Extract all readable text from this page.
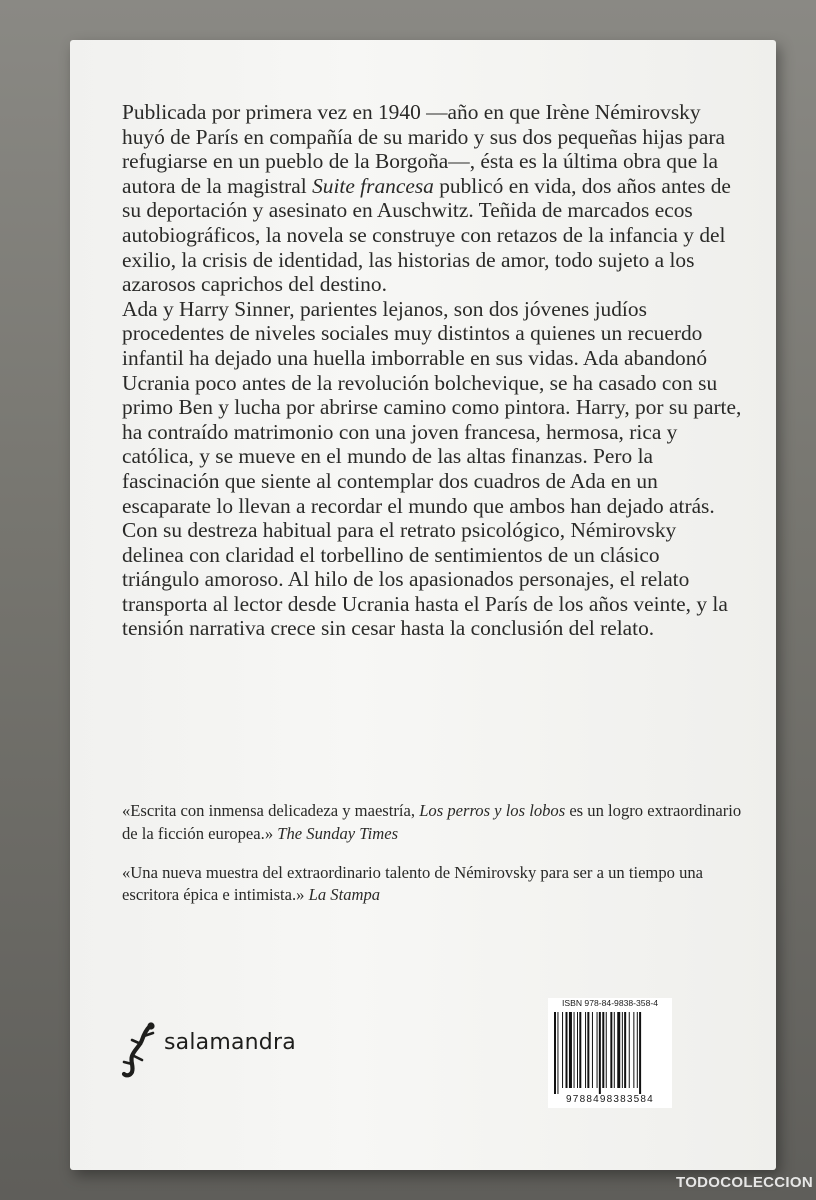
Publicada por primera vez en 1940 —año en que Irène Némirovsky huyó de París en compañía de su marido y sus dos pequeñas hijas para refugiarse en un pueblo de la Borgoña—, ésta es la última obra que la autora de la magistral Suite francesa publicó en vida, dos años antes de su deportación y asesinato en Auschwitz. Teñida de marcados ecos autobiográficos, la novela se construye con retazos de la infancia y del exilio, la crisis de identidad, las historias de amor, todo sujeto a los azarosos caprichos del destino.

Ada y Harry Sinner, parientes lejanos, son dos jóvenes judíos procedentes de niveles sociales muy distintos a quienes un recuerdo infantil ha dejado una huella imborrable en sus vidas. Ada abandonó Ucrania poco antes de la revolución bolchevique, se ha casado con su primo Ben y lucha por abrirse camino como pintora. Harry, por su parte, ha contraído matrimonio con una joven francesa, hermosa, rica y católica, y se mueve en el mundo de las altas finanzas. Pero la fascinación que siente al contemplar dos cuadros de Ada en un escaparate lo llevan a recordar el mundo que ambos han dejado atrás.

Con su destreza habitual para el retrato psicológico, Némirovsky delinea con claridad el torbellino de sentimientos de un clásico triángulo amoroso. Al hilo de los apasionados personajes, el relato transporta al lector desde Ucrania hasta el París de los años veinte, y la tensión narrativa crece sin cesar hasta la conclusión del relato.

«Escrita con inmensa delicadeza y maestría, Los perros y los lobos es un logro extraordinario de la ficción europea.» The Sunday Times

«Una nueva muestra del extraordinario talento de Némirovsky para ser a un tiempo una escritora épica e intimista.» La Stampa

salamandra
ISBN 978-84-9838-358-4
9788498383584
TODOCOLECCION
